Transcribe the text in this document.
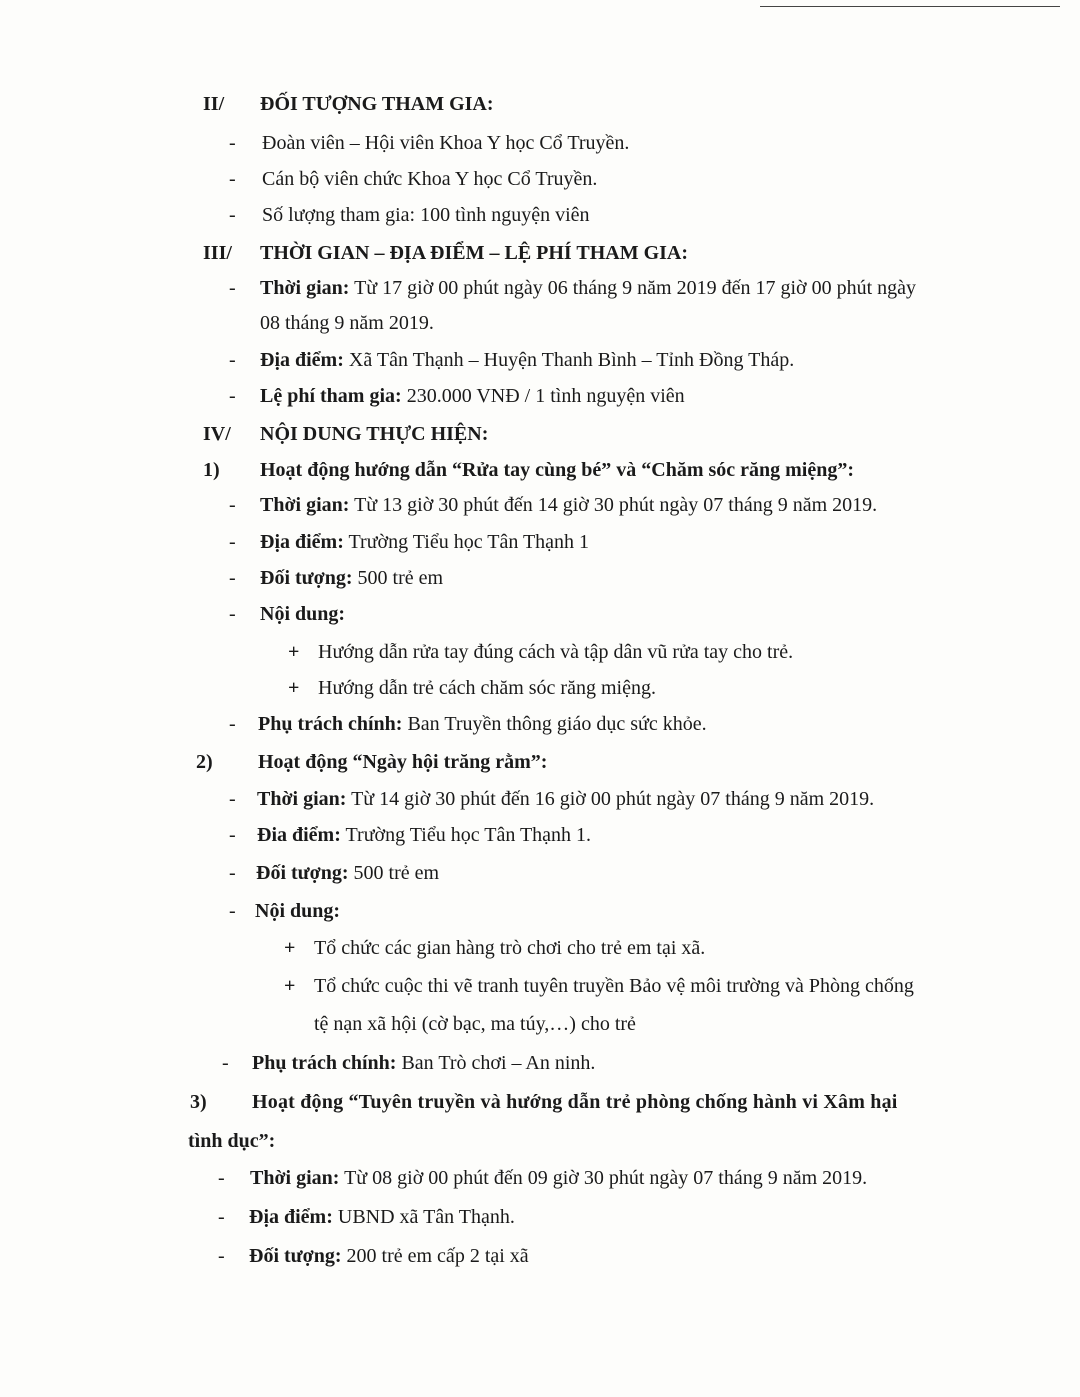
II/ ĐỐI TƯỢNG THAM GIA:
- Đoàn viên – Hội viên Khoa Y học Cổ Truyền.
- Cán bộ viên chức Khoa Y học Cổ Truyền.
- Số lượng tham gia: 100 tình nguyện viên
III/ THỜI GIAN – ĐỊA ĐIỂM – LỆ PHÍ THAM GIA:
- Thời gian: Từ 17 giờ 00 phút ngày 06 tháng 9 năm 2019 đến 17 giờ 00 phút ngày
08 tháng 9 năm 2019.
- Địa điểm: Xã Tân Thạnh – Huyện Thanh Bình – Tỉnh Đồng Tháp.
- Lệ phí tham gia: 230.000 VNĐ / 1 tình nguyện viên
IV/ NỘI DUNG THỰC HIỆN:
1) Hoạt động hướng dẫn “Rửa tay cùng bé” và “Chăm sóc răng miệng”:
- Thời gian: Từ 13 giờ 30 phút đến 14 giờ 30 phút ngày 07 tháng 9 năm 2019.
- Địa điểm: Trường Tiểu học Tân Thạnh 1
- Đối tượng: 500 trẻ em
- Nội dung:
+ Hướng dẫn rửa tay đúng cách và tập dân vũ rửa tay cho trẻ.
+ Hướng dẫn trẻ cách chăm sóc răng miệng.
- Phụ trách chính: Ban Truyền thông giáo dục sức khỏe.
2) Hoạt động “Ngày hội trăng rằm”:
- Thời gian: Từ 14 giờ 30 phút đến 16 giờ 00 phút ngày 07 tháng 9 năm 2019.
- Đia điểm: Trường Tiểu học Tân Thạnh 1.
- Đối tượng: 500 trẻ em
- Nội dung:
+ Tổ chức các gian hàng trò chơi cho trẻ em tại xã.
+ Tổ chức cuộc thi vẽ tranh tuyên truyền Bảo vệ môi trường và Phòng chống
tệ nạn xã hội (cờ bạc, ma túy,…) cho trẻ
- Phụ trách chính: Ban Trò chơi – An ninh.
3) Hoạt động “Tuyên truyền và hướng dẫn trẻ phòng chống hành vi Xâm hại
tình dục”:
- Thời gian: Từ 08 giờ 00 phút đến 09 giờ 30 phút ngày 07 tháng 9 năm 2019.
- Địa điểm: UBND xã Tân Thạnh.
- Đối tượng: 200 trẻ em cấp 2 tại xã
